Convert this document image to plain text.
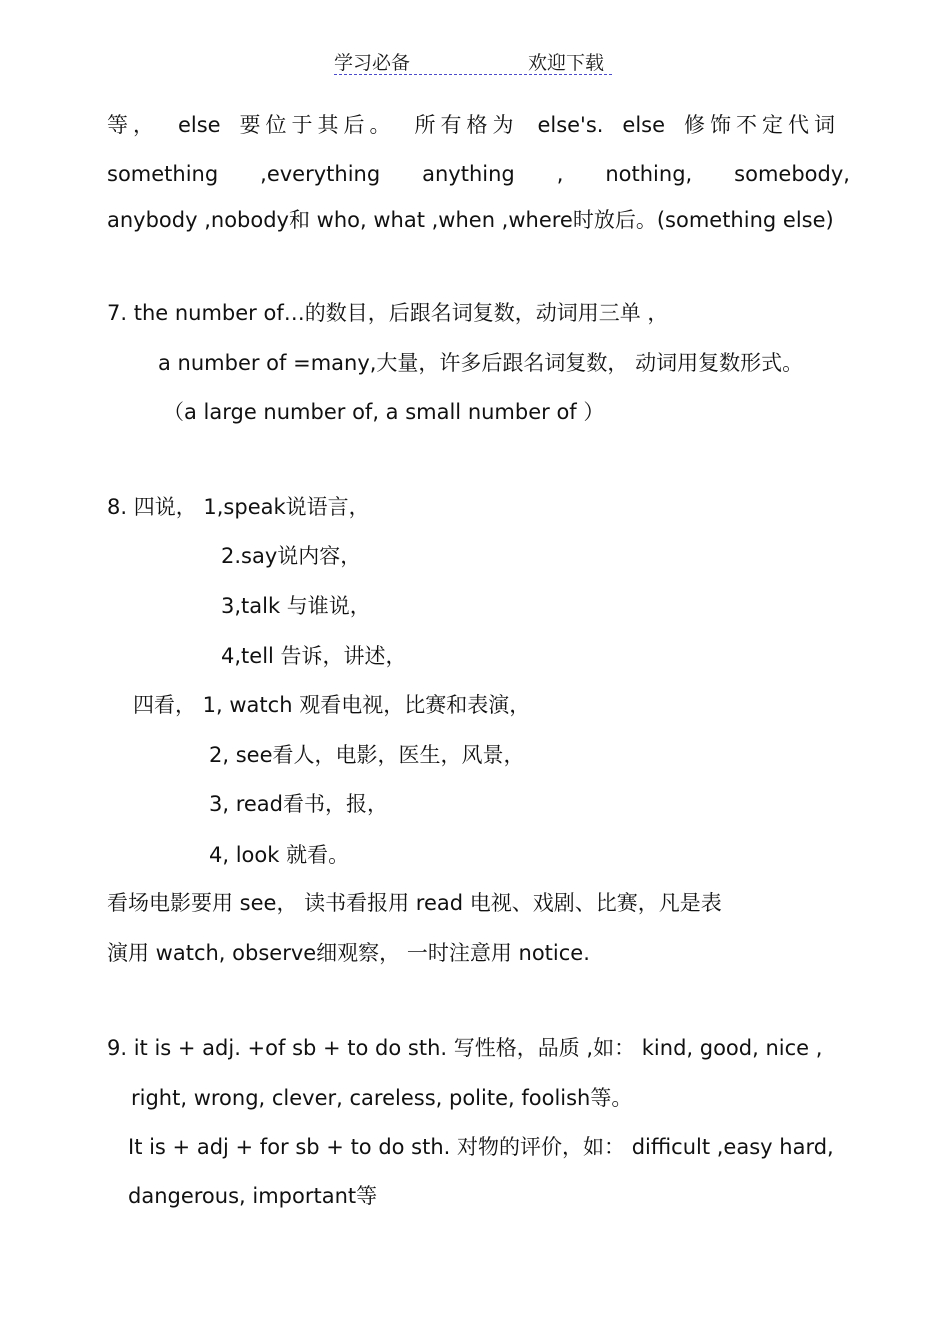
学习必备	欢迎下载
等， else 要位于其后。 所有格为 else's. else 修饰不定代词
something ,everything anything , nothing, somebody,
anybody ,nobody和 who, what ,when ,where时放后。(something else)
7. the number of…的数目，后跟名词复数，动词用三单 ，
a number of =many,大量，许多后跟名词复数， 动词用复数形式。
（a large number of, a small number of ）
8. 四说， 1,speak说语言，
2.say说内容，
3,talk 与谁说，
4,tell 告诉，讲述，
四看， 1, watch 观看电视，比赛和表演，
2, see看人，电影，医生，风景，
3, read看书，报，
4, look 就看。
看场电影要用 see， 读书看报用 read 电视、戏剧、比赛，凡是表
演用 watch, observe细观察， 一时注意用 notice.
9. it is + adj. +of sb + to do sth. 写性格，品质 ,如： kind, good, nice ,
right, wrong, clever, careless, polite, foolish等。
It is + adj + for sb + to do sth. 对物的评价，如： difficult ,easy hard,
dangerous, important等
